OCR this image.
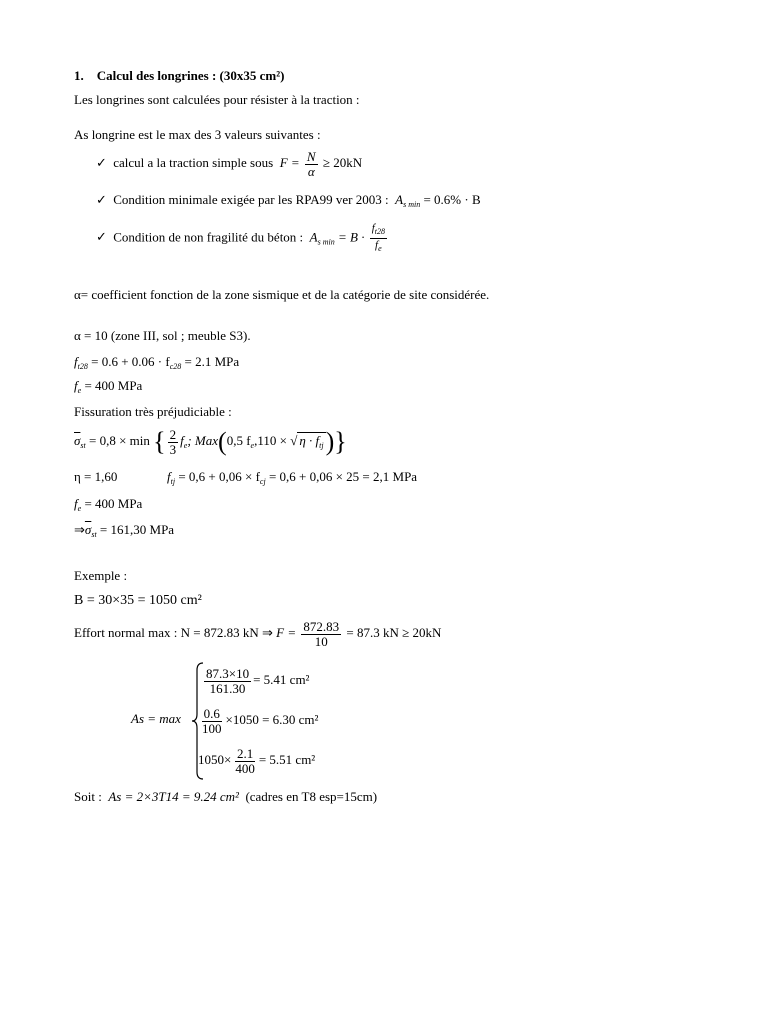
1. Calcul des longrines : (30x35 cm²)
Les longrines sont calculées pour résister à la traction :
As longrine est le max des 3 valeurs suivantes :
✓ calcul a la traction simple sous $F = \frac{N}{\alpha} \ge 20kN$
✓ Condition minimale exigée par les RPA99 ver 2003 : $A_{s min} = 0.6\% \cdot B$
✓ Condition de non fragilité du béton : $A_{s min} = B \cdot \frac{f_{t28}}{f_e}$
α= coefficient fonction de la zone sismique et de la catégorie de site considérée.
α = 10 (zone III, sol ; meuble S3).
$f_{t28} = 0.6 + 0.06 \cdot f_{c28} = 2.1$ MPa
$f_e = 400$ MPa
Fissuration très préjudiciable :
$\overline{\sigma}_{st} = 0,8 \times \min$ { $\frac{2}{3} f_e$; Max(0,5 $f_e,110$ × √ $\eta \cdot f_{tj}$)}
η = 1,60	$f_{tj} = 0,6 + 0,06 \times f_{cj} = 0,6 + 0,06 \times 25 = 2,1$ MPa
$f_e = 400$ MPa
$\Rightarrow\overline{\sigma}_{st} = 161,30$ MPa
Exemple :
B = 30×35 = 1050 cm²
Effort normal max : N = 872.83 kN ⇒ $F = \frac{872.83}{10} = 87.3$ kN ≥ 20kN
As = max
$\frac{87.3\times 10}{161.30} = 5.41$ cm²
$\frac{0.6}{100} \times 1050 = 6.30$ cm²
$1050\times \frac{2.1}{400} = 5.51$ cm²
Soit : As = 2×3T14 = 9.24 cm² (cadres en T8 esp=15cm)
